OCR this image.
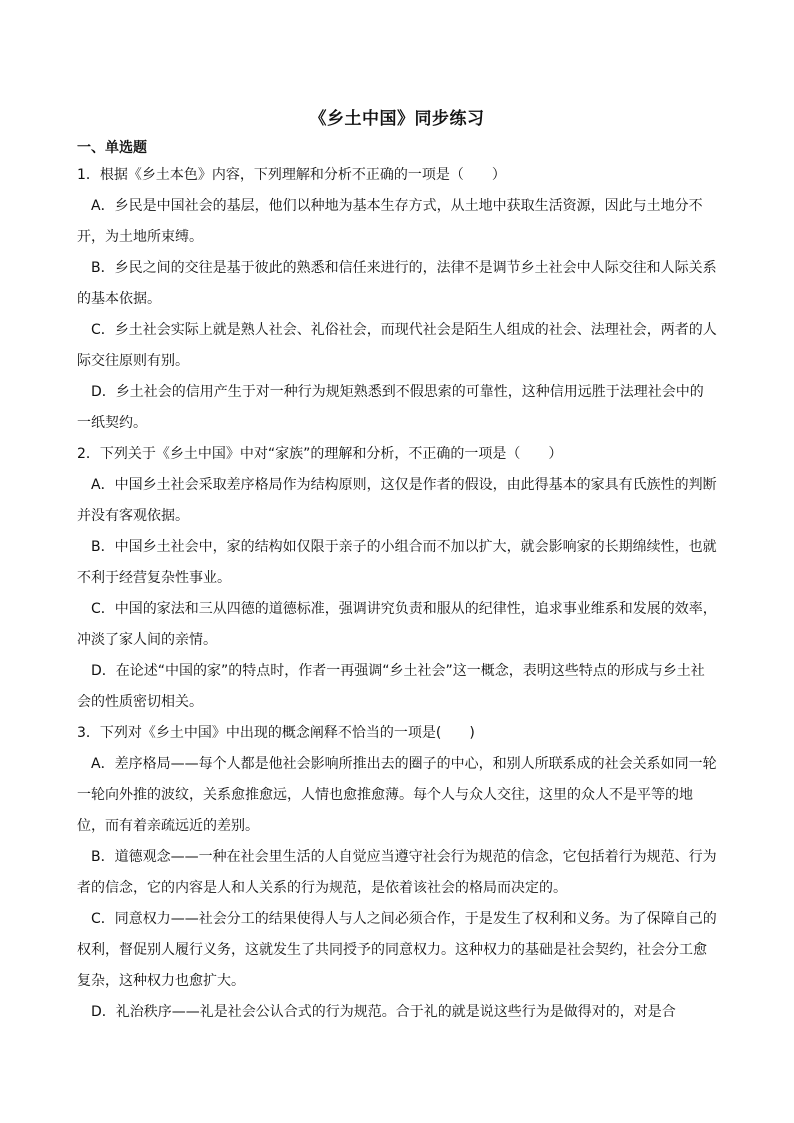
《乡土中国》同步练习
一、单选题

1．根据《乡土本色》内容，下列理解和分析不正确的一项是（　　）

A．乡民是中国社会的基层，他们以种地为基本生存方式，从土地中获取生活资源，因此与土地分不开，为土地所束缚。

B．乡民之间的交往是基于彼此的熟悉和信任来进行的，法律不是调节乡土社会中人际交往和人际关系的基本依据。

C．乡土社会实际上就是熟人社会、礼俗社会，而现代社会是陌生人组成的社会、法理社会，两者的人际交往原则有别。

D．乡土社会的信用产生于对一种行为规矩熟悉到不假思索的可靠性，这种信用远胜于法理社会中的一纸契约。

2．下列关于《乡土中国》中对“家族”的理解和分析，不正确的一项是（　　）

A．中国乡土社会采取差序格局作为结构原则，这仅是作者的假设，由此得基本的家具有氏族性的判断并没有客观依据。

B．中国乡土社会中，家的结构如仅限于亲子的小组合而不加以扩大，就会影响家的长期绵续性，也就不利于经营复杂性事业。

C．中国的家法和三从四德的道德标准，强调讲究负责和服从的纪律性，追求事业维系和发展的效率，冲淡了家人间的亲情。

D．在论述“中国的家”的特点时，作者一再强调“乡土社会”这一概念，表明这些特点的形成与乡土社会的性质密切相关。

3．下列对《乡土中国》中出现的概念阐释不恰当的一项是(　　)

A．差序格局——每个人都是他社会影响所推出去的圈子的中心，和别人所联系成的社会关系如同一轮一轮向外推的波纹，关系愈推愈远，人情也愈推愈薄。每个人与众人交往，这里的众人不是平等的地位，而有着亲疏远近的差别。

B．道德观念——一种在社会里生活的人自觉应当遵守社会行为规范的信念，它包括着行为规范、行为者的信念，它的内容是人和人关系的行为规范，是依着该社会的格局而决定的。

C．同意权力——社会分工的结果使得人与人之间必须合作，于是发生了权利和义务。为了保障自己的权利，督促别人履行义务，这就发生了共同授予的同意权力。这种权力的基础是社会契约，社会分工愈复杂，这种权力也愈扩大。

D．礼治秩序——礼是社会公认合式的行为规范。合于礼的就是说这些行为是做得对的，对是合
